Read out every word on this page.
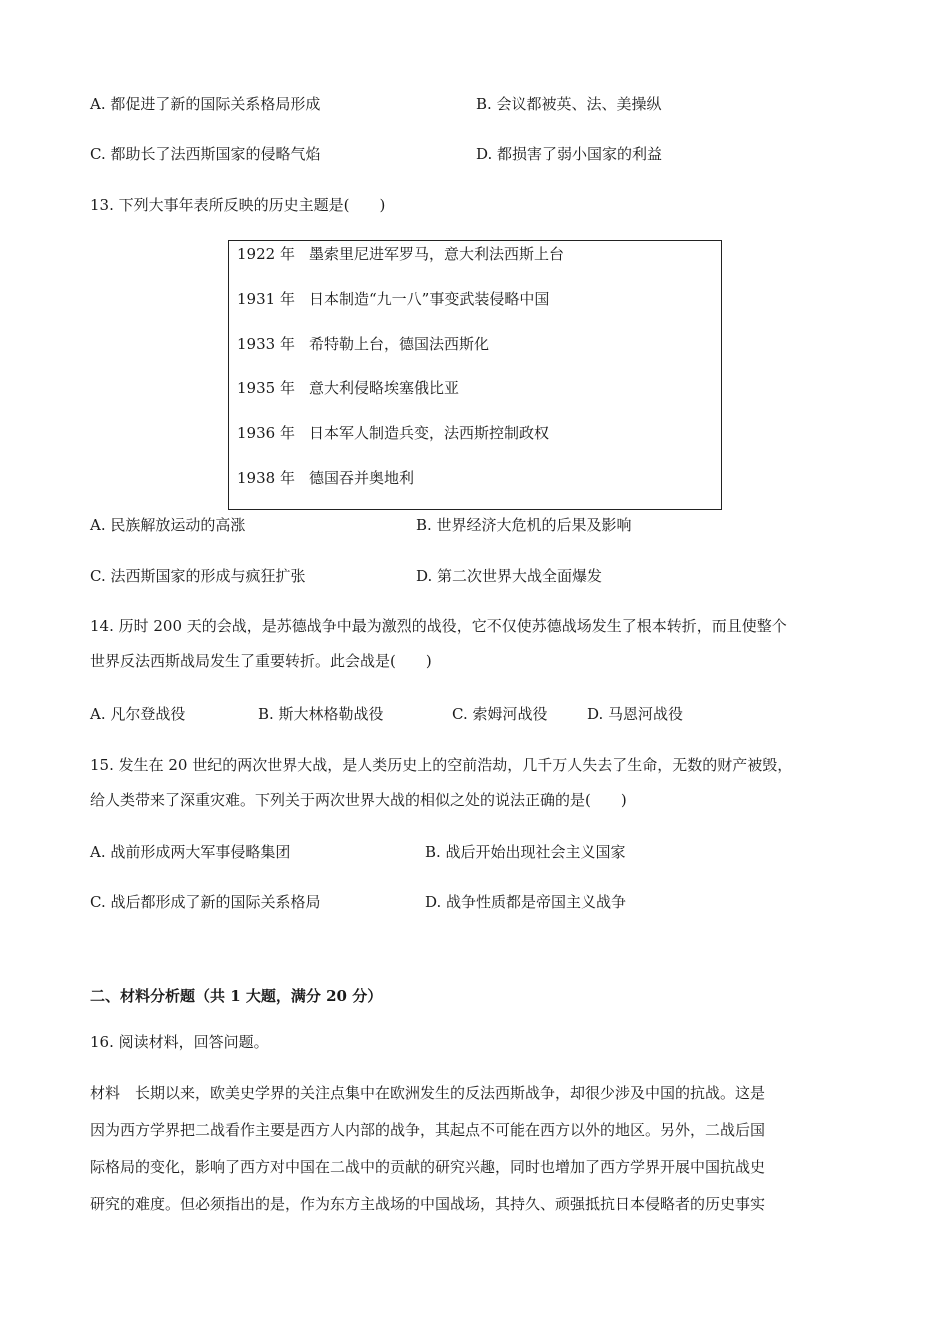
A. 都促进了新的国际关系格局形成	B. 会议都被英、法、美操纵
C. 都助长了法西斯国家的侵略气焰	D. 都损害了弱小国家的利益
13. 下列大事年表所反映的历史主题是(　　)
1922 年 墨索里尼进军罗马，意大利法西斯上台
1931 年 日本制造“九一八”事变武装侵略中国
1933 年 希特勒上台，德国法西斯化
1935 年 意大利侵略埃塞俄比亚
1936 年 日本军人制造兵变，法西斯控制政权
1938 年 德国吞并奥地利
A. 民族解放运动的高涨	B. 世界经济大危机的后果及影响
C. 法西斯国家的形成与疯狂扩张	D. 第二次世界大战全面爆发
14. 历时 200 天的会战，是苏德战争中最为激烈的战役，它不仅使苏德战场发生了根本转折，而且使整个
世界反法西斯战局发生了重要转折。此会战是(　　)
A. 凡尔登战役	B. 斯大林格勒战役	C. 索姆河战役	D. 马恩河战役
15. 发生在 20 世纪的两次世界大战，是人类历史上的空前浩劫，几千万人失去了生命，无数的财产被毁，
给人类带来了深重灾难。下列关于两次世界大战的相似之处的说法正确的是(　　)
A. 战前形成两大军事侵略集团	B. 战后开始出现社会主义国家
C. 战后都形成了新的国际关系格局	D. 战争性质都是帝国主义战争
二、材料分析题（共 1 大题，满分 20 分）
16. 阅读材料，回答问题。
材料　长期以来，欧美史学界的关注点集中在欧洲发生的反法西斯战争，却很少涉及中国的抗战。这是
因为西方学界把二战看作主要是西方人内部的战争，其起点不可能在西方以外的地区。另外，二战后国
际格局的变化，影响了西方对中国在二战中的贡献的研究兴趣，同时也增加了西方学界开展中国抗战史
研究的难度。但必须指出的是，作为东方主战场的中国战场，其持久、顽强抵抗日本侵略者的历史事实
